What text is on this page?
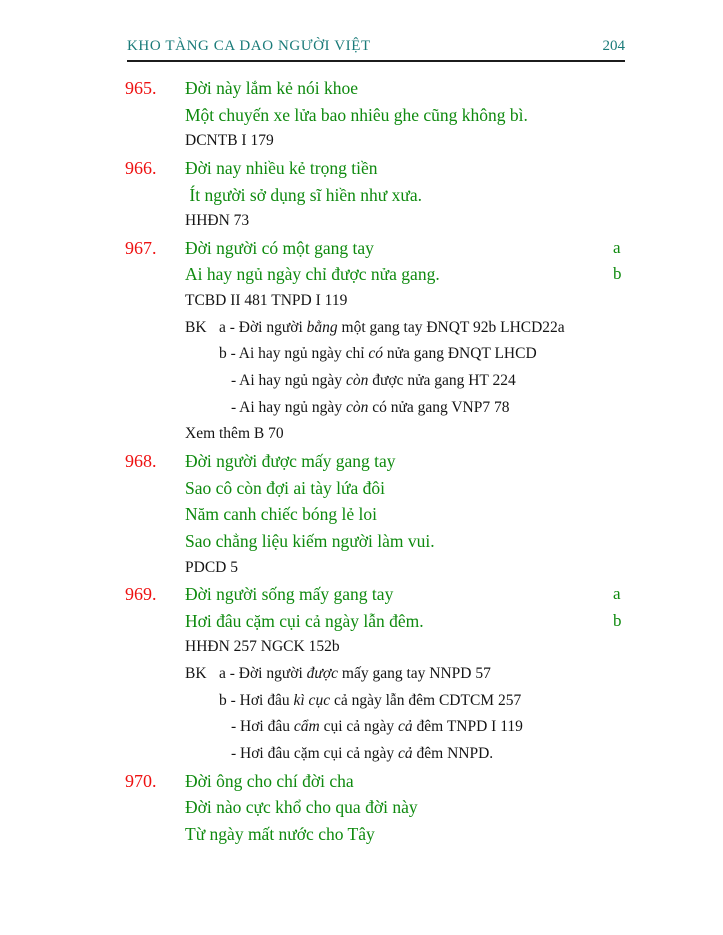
KHO TÀNG CA DAO NGƯỜI VIỆT	204
965. Đời này lắm kẻ nói khoe
Một chuyến xe lửa bao nhiêu ghe cũng không bì.
DCNTB I 179
966. Đời nay nhiều kẻ trọng tiền
Ít người sở dụng sĩ hiền như xưa.
HHĐN 73
967. Đời người có một gang tay	a
Ai hay ngủ ngày chỉ được nửa gang.	b
TCBD II 481 TNPD I 119
BK a - Đời người bằng một gang tay ĐNQT 92b LHCD22a
b - Ai hay ngủ ngày chỉ có nửa gang ĐNQT LHCD
- Ai hay ngủ ngày còn được nửa gang HT 224
- Ai hay ngủ ngày còn có nửa gang VNP7 78
Xem thêm B 70
968. Đời người được mấy gang tay
Sao cô còn đợi ai tày lứa đôi
Năm canh chiếc bóng lẻ loi
Sao chẳng liệu kiếm người làm vui.
PDCD 5
969. Đời người sống mấy gang tay	a
Hơi đâu cặm cụi cả ngày lẫn đêm.	b
HHĐN 257 NGCK 152b
BK a - Đời người được mấy gang tay NNPD 57
b - Hơi đâu kì cục cả ngày lẫn đêm CDTCM 257
- Hơi đâu cẩm cụi cả ngày cả đêm TNPD I 119
- Hơi đâu cặm cụi cả ngày cả đêm NNPD.
970. Đời ông cho chí đời cha
Đời nào cực khổ cho qua đời này
Từ ngày mất nước cho Tây
